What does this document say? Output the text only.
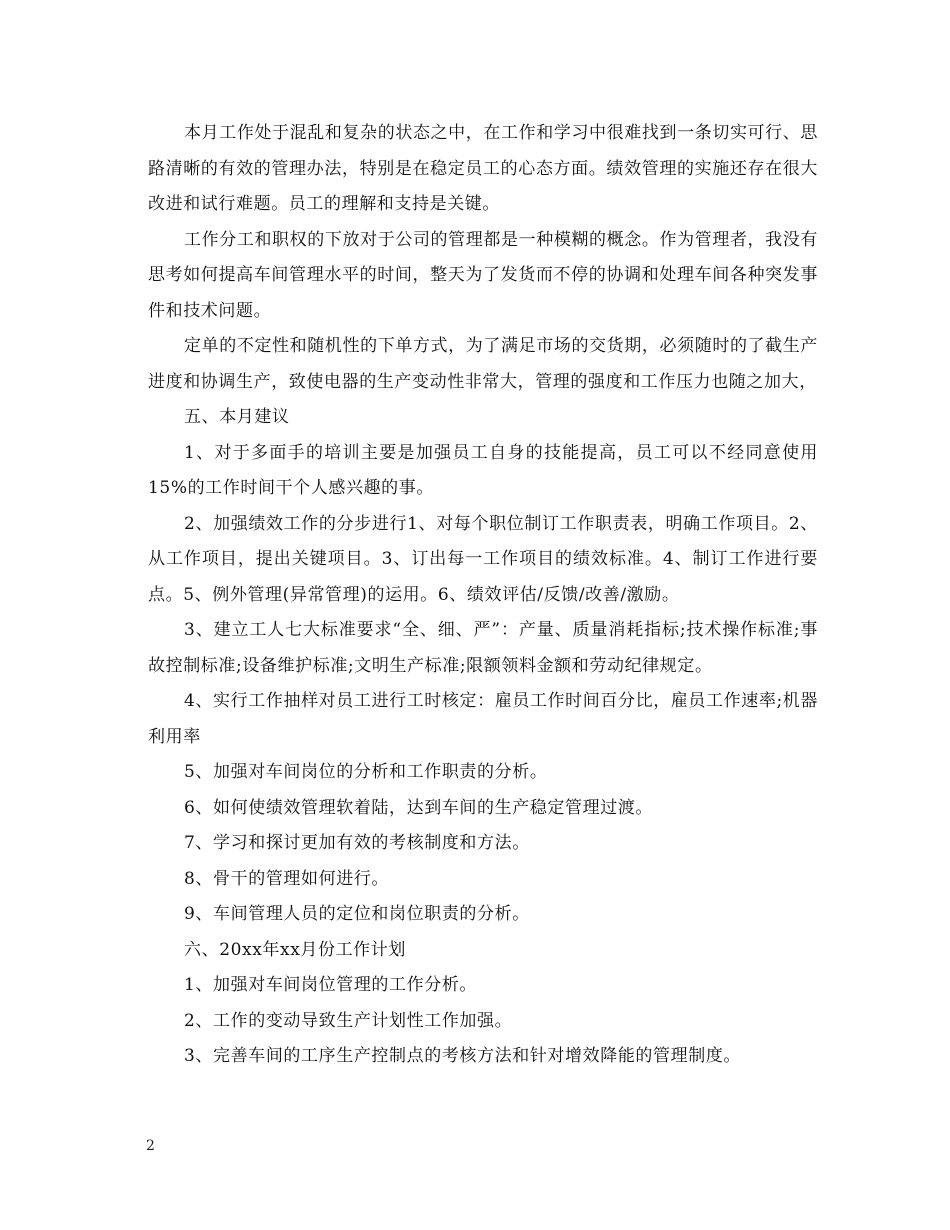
本月工作处于混乱和复杂的状态之中，在工作和学习中很难找到一条切实可行、思路清晰的有效的管理办法，特别是在稳定员工的心态方面。绩效管理的实施还存在很大改进和试行难题。员工的理解和支持是关键。

工作分工和职权的下放对于公司的管理都是一种模糊的概念。作为管理者，我没有思考如何提高车间管理水平的时间，整天为了发货而不停的协调和处理车间各种突发事件和技术问题。

定单的不定性和随机性的下单方式，为了满足市场的交货期，必须随时的了截生产进度和协调生产，致使电器的生产变动性非常大，管理的强度和工作压力也随之加大，

五、本月建议

1、对于多面手的培训主要是加强员工自身的技能提高，员工可以不经同意使用15%的工作时间干个人感兴趣的事。

2、加强绩效工作的分步进行1、对每个职位制订工作职责表，明确工作项目。2、从工作项目，提出关键项目。3、订出每一工作项目的绩效标准。4、制订工作进行要点。5、例外管理(异常管理)的运用。6、绩效评估/反馈/改善/激励。

3、建立工人七大标准要求“全、细、严”：产量、质量消耗指标;技术操作标准;事故控制标准;设备维护标准;文明生产标准;限额领料金额和劳动纪律规定。

4、实行工作抽样对员工进行工时核定：雇员工作时间百分比，雇员工作速率;机器利用率

5、加强对车间岗位的分析和工作职责的分析。

6、如何使绩效管理软着陆，达到车间的生产稳定管理过渡。

7、学习和探讨更加有效的考核制度和方法。

8、骨干的管理如何进行。

9、车间管理人员的定位和岗位职责的分析。

六、20xx年xx月份工作计划

1、加强对车间岗位管理的工作分析。

2、工作的变动导致生产计划性工作加强。

3、完善车间的工序生产控制点的考核方法和针对增效降能的管理制度。

2
